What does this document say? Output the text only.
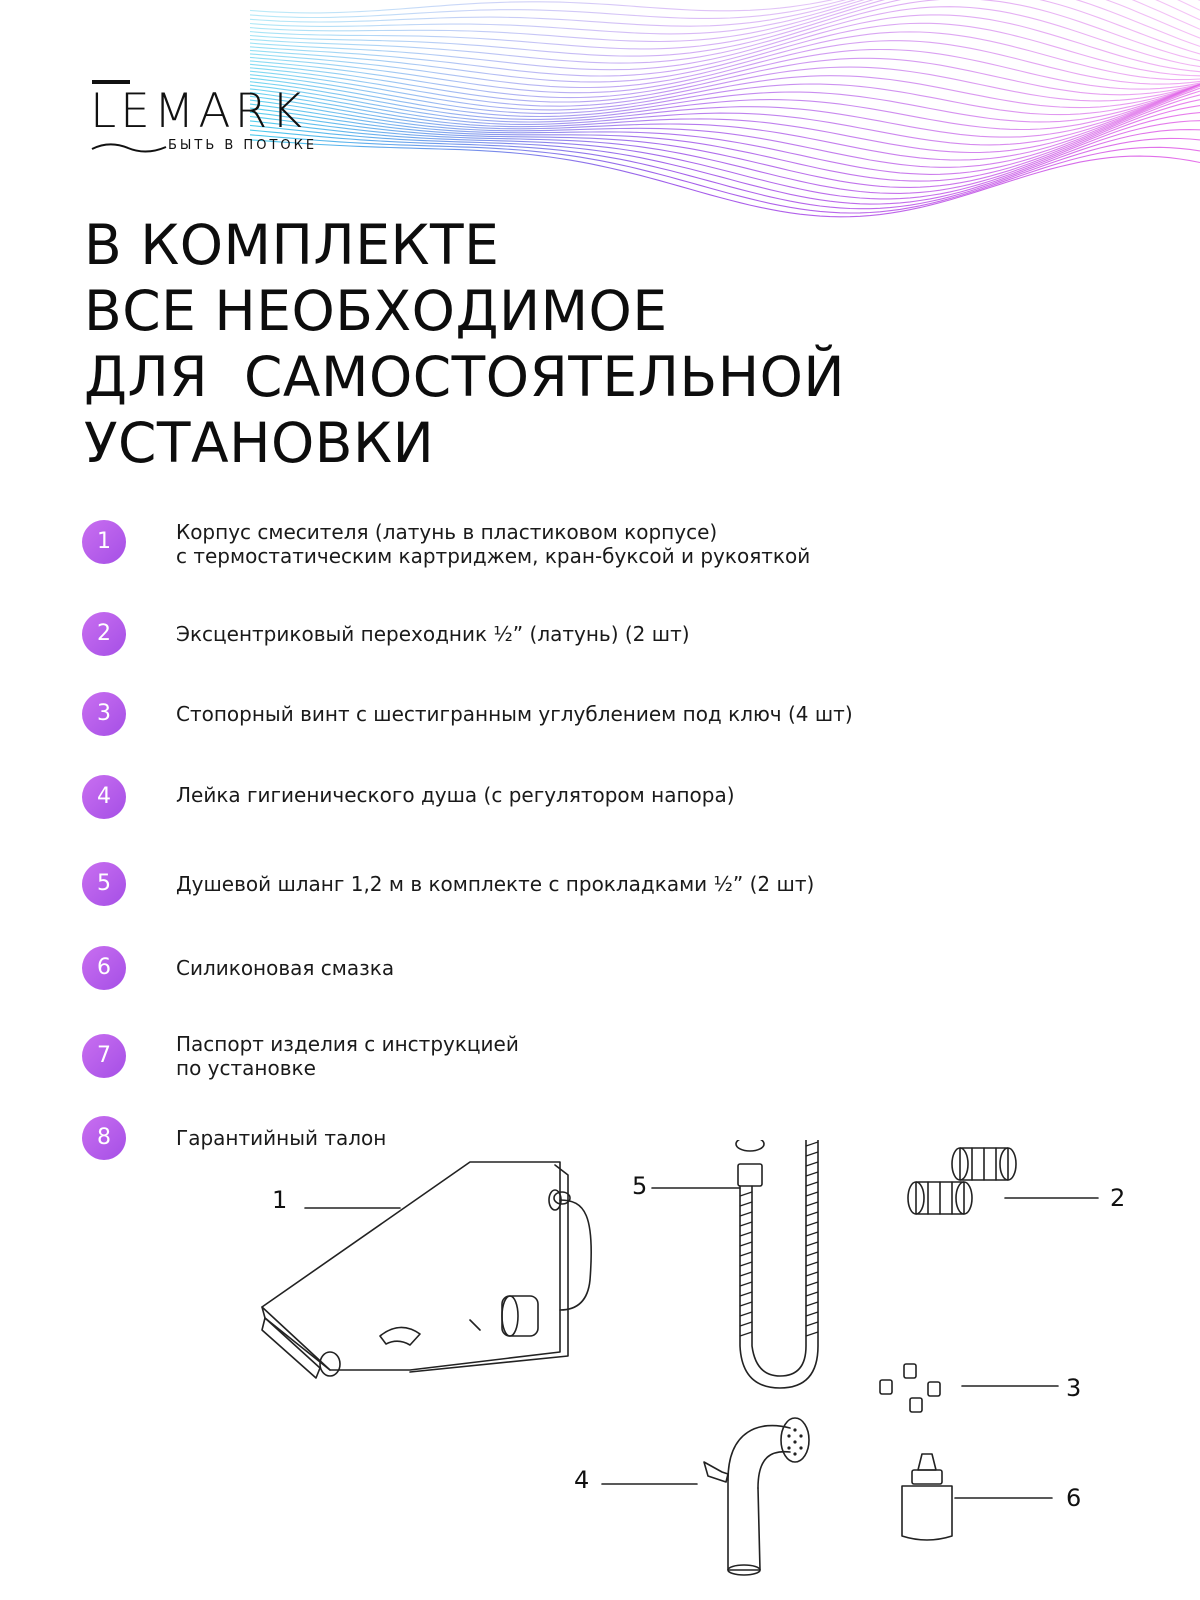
LEMARK
БЫТЬ В ПОТОКЕ
В КОМПЛЕКТЕ
ВСЕ НЕОБХОДИМОЕ
ДЛЯ  САМОСТОЯТЕЛЬНОЙ
УСТАНОВКИ
1	Корпус смесителя (латунь в пластиковом корпусе)
с термостатическим картриджем, кран-буксой и рукояткой
2	Эксцентриковый переходник ½” (латунь) (2 шт)
3	Стопорный винт с шестигранным углублением под ключ (4 шт)
4	Лейка гигиенического душа (с регулятором напора)
5	Душевой шланг 1,2 м в комплекте с прокладками ½” (2 шт)
6	Силиконовая смазка
7	Паспорт изделия с инструкцией
по установке
8	Гарантийный талон
1	5	2
3
4
6
